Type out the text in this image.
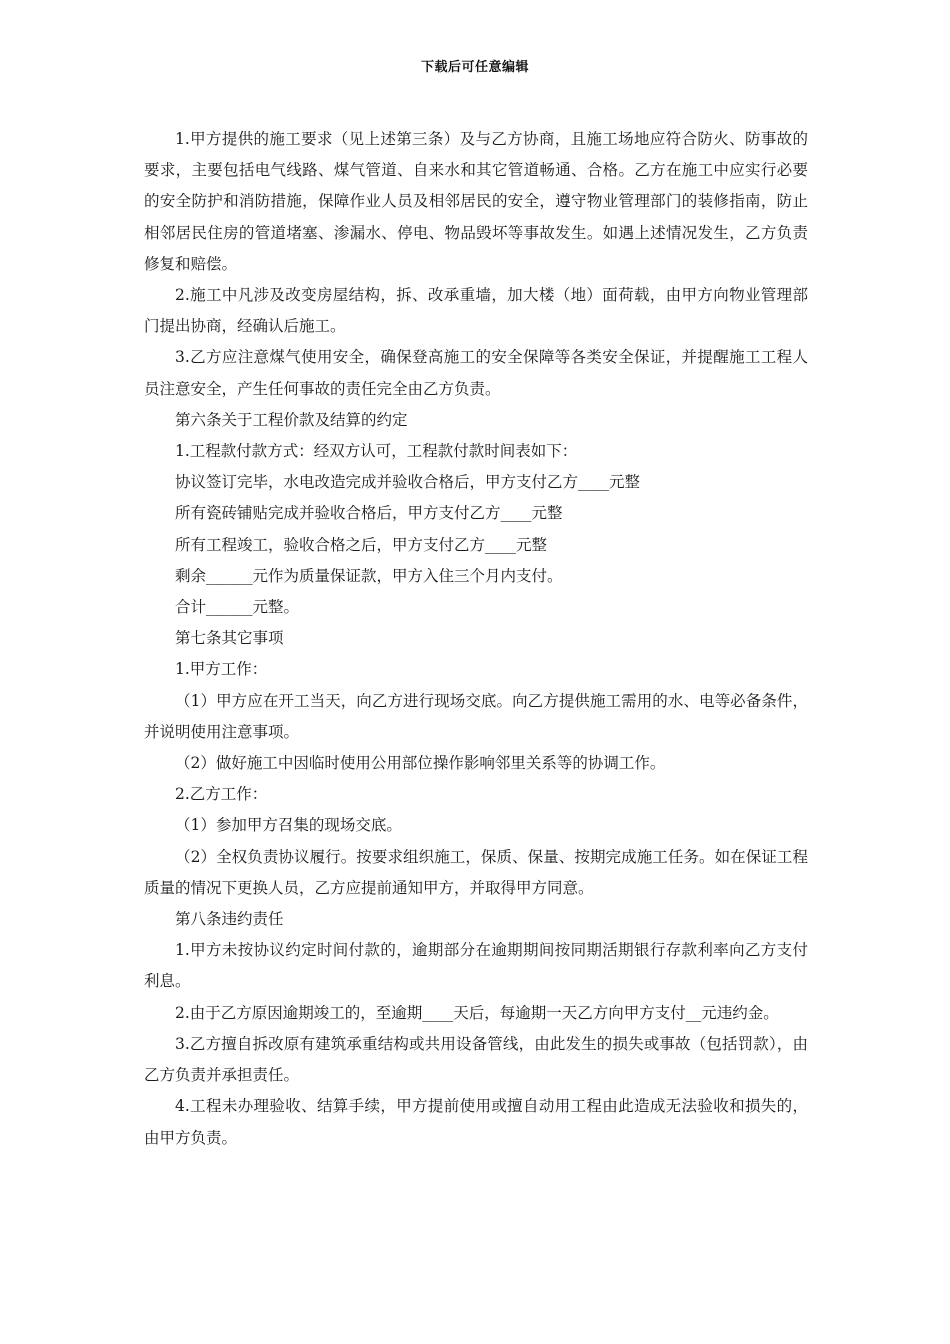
下载后可任意编辑

1.甲方提供的施工要求（见上述第三条）及与乙方协商，且施工场地应符合防火、防事故的要求，主要包括电气线路、煤气管道、自来水和其它管道畅通、合格。乙方在施工中应实行必要的安全防护和消防措施，保障作业人员及相邻居民的安全，遵守物业管理部门的装修指南，防止相邻居民住房的管道堵塞、渗漏水、停电、物品毁坏等事故发生。如遇上述情况发生，乙方负责修复和赔偿。

2.施工中凡涉及改变房屋结构，拆、改承重墙，加大楼（地）面荷载，由甲方向物业管理部门提出协商，经确认后施工。

3.乙方应注意煤气使用安全，确保登高施工的安全保障等各类安全保证，并提醒施工工程人员注意安全，产生任何事故的责任完全由乙方负责。

第六条关于工程价款及结算的约定

1.工程款付款方式：经双方认可，工程款付款时间表如下：

协议签订完毕，水电改造完成并验收合格后，甲方支付乙方____元整

所有瓷砖铺贴完成并验收合格后，甲方支付乙方____元整

所有工程竣工，验收合格之后，甲方支付乙方____元整

剩余______元作为质量保证款，甲方入住三个月内支付。

合计______元整。

第七条其它事项

1.甲方工作：

（1）甲方应在开工当天，向乙方进行现场交底。向乙方提供施工需用的水、电等必备条件，并说明使用注意事项。

（2）做好施工中因临时使用公用部位操作影响邻里关系等的协调工作。

2.乙方工作：

（1）参加甲方召集的现场交底。

（2）全权负责协议履行。按要求组织施工，保质、保量、按期完成施工任务。如在保证工程质量的情况下更换人员，乙方应提前通知甲方，并取得甲方同意。

第八条违约责任

1.甲方未按协议约定时间付款的，逾期部分在逾期期间按同期活期银行存款利率向乙方支付利息。

2.由于乙方原因逾期竣工的，至逾期____天后，每逾期一天乙方向甲方支付__元违约金。

3.乙方擅自拆改原有建筑承重结构或共用设备管线，由此发生的损失或事故（包括罚款），由乙方负责并承担责任。

4.工程未办理验收、结算手续，甲方提前使用或擅自动用工程由此造成无法验收和损失的，由甲方负责。
